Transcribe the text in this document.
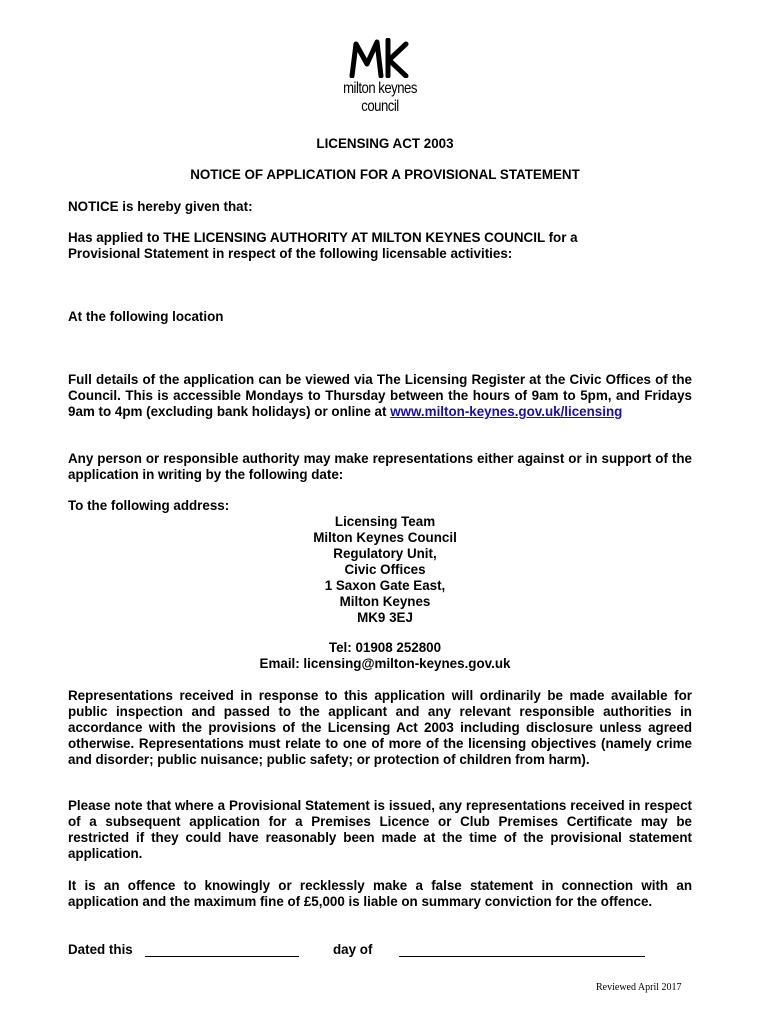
milton keynes council
LICENSING ACT 2003
NOTICE OF APPLICATION FOR A PROVISIONAL STATEMENT
NOTICE is hereby given that:
Has applied to THE LICENSING AUTHORITY AT MILTON KEYNES COUNCIL for a
Provisional Statement in respect of the following licensable activities:
At the following location
Full details of the application can be viewed via The Licensing Register at the Civic Offices of the Council. This is accessible Mondays to Thursday between the hours of 9am to 5pm, and Fridays 9am to 4pm (excluding bank holidays) or online at www.milton-keynes.gov.uk/licensing
Any person or responsible authority may make representations either against or in support of the application in writing by the following date:
To the following address:
Licensing Team
Milton Keynes Council
Regulatory Unit,
Civic Offices
1 Saxon Gate East,
Milton Keynes
MK9 3EJ
Tel: 01908 252800
Email: licensing@milton-keynes.gov.uk
Representations received in response to this application will ordinarily be made available for public inspection and passed to the applicant and any relevant responsible authorities in accordance with the provisions of the Licensing Act 2003 including disclosure unless agreed otherwise. Representations must relate to one of more of the licensing objectives (namely crime and disorder; public nuisance; public safety; or protection of children from harm).
Please note that where a Provisional Statement is issued, any representations received in respect of a subsequent application for a Premises Licence or Club Premises Certificate may be restricted if they could have reasonably been made at the time of the provisional statement application.
It is an offence to knowingly or recklessly make a false statement in connection with an application and the maximum fine of £5,000 is liable on summary conviction for the offence.
Dated this	day of
Reviewed April 2017
